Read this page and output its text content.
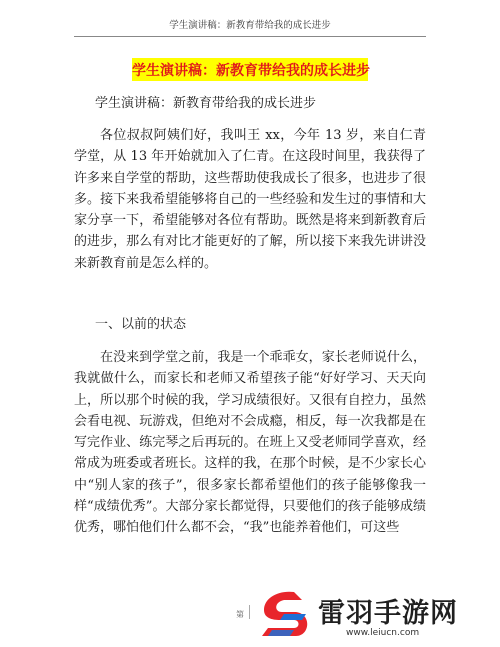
学生演讲稿：新教育带给我的成长进步
学生演讲稿：新教育带给我的成长进步
学生演讲稿：新教育带给我的成长进步

各位叔叔阿姨们好，我叫王 xx，今年 13 岁，来自仁青学堂，从 13 年开始就加入了仁青。在这段时间里，我获得了许多来自学堂的帮助，这些帮助使我成长了很多，也进步了很多。接下来我希望能够将自己的一些经验和发生过的事情和大家分享一下，希望能够对各位有帮助。既然是将来到新教育后的进步，那么有对比才能更好的了解，所以接下来我先讲讲没来新教育前是怎么样的。

一、以前的状态

在没来到学堂之前，我是一个乖乖女，家长老师说什么，我就做什么，而家长和老师又希望孩子能“好好学习、天天向上，所以那个时候的我，学习成绩很好。又很有自控力，虽然会看电视、玩游戏，但绝对不会成瘾，相反，每一次我都是在写完作业、练完琴之后再玩的。在班上又受老师同学喜欢，经常成为班委或者班长。这样的我，在那个时候，是不少家长心中“别人家的孩子”，很多家长都希望他们的孩子能够像我一样“成绩优秀”。大部分家长都觉得，只要他们的孩子能够成绩优秀，哪怕他们什么都不会，“我”也能养着他们，可这些

第	雷羽手游网
www.leiucn.com
